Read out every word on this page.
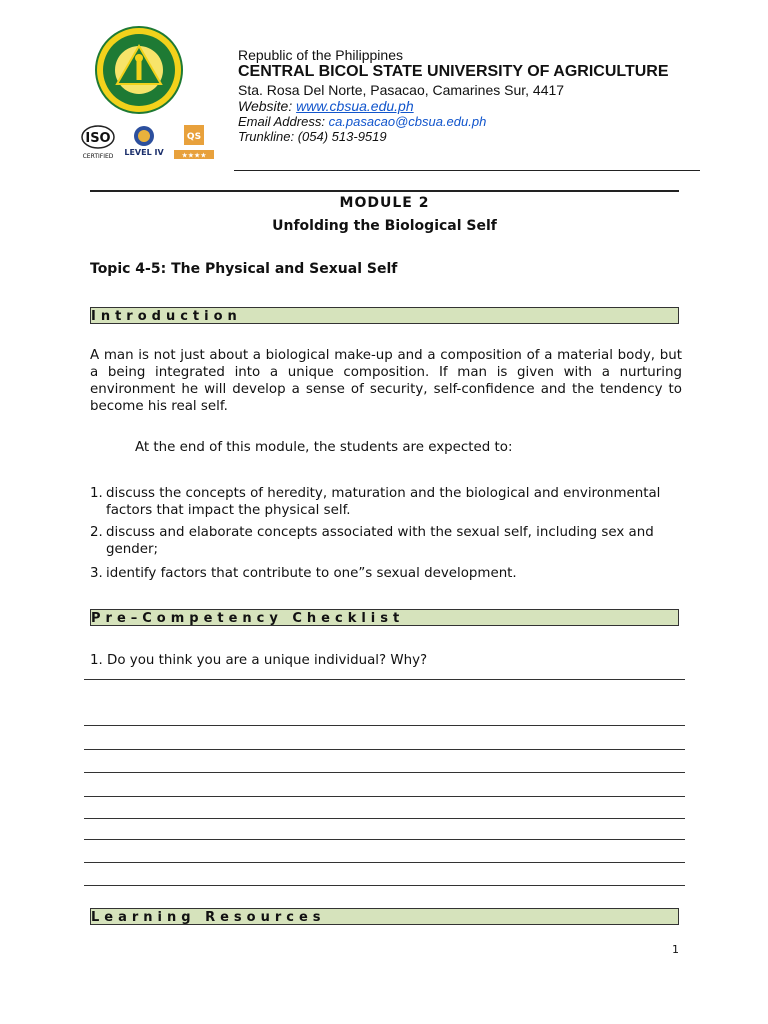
ISO
CERTIFIED LEVEL IV
QS
★★★★
Republic of the Philippines
CENTRAL BICOL STATE UNIVERSITY OF AGRICULTURE
Sta. Rosa Del Norte, Pasacao, Camarines Sur, 4417
Website: www.cbsua.edu.ph
Email Address: ca.pasacao@cbsua.edu.ph
Trunkline: (054) 513-9519
MODULE 2
Unfolding the Biological Self
Topic 4-5: The Physical and Sexual Self
Introduction
A man is not just about a biological make-up and a composition of a material body, but a being integrated into a unique composition. If man is given with a nurturing environment he will develop a sense of security, self-confidence and the tendency to become his real self.
At the end of this module, the students are expected to:
1. discuss the concepts of heredity, maturation and the biological and environmental factors that impact the physical self.
2. discuss and elaborate concepts associated with the sexual self, including sex and gender;
3. identify factors that contribute to one”s sexual development.
Pre–Competency Checklist
1. Do you think you are a unique individual? Why?
Learning Resources
1
